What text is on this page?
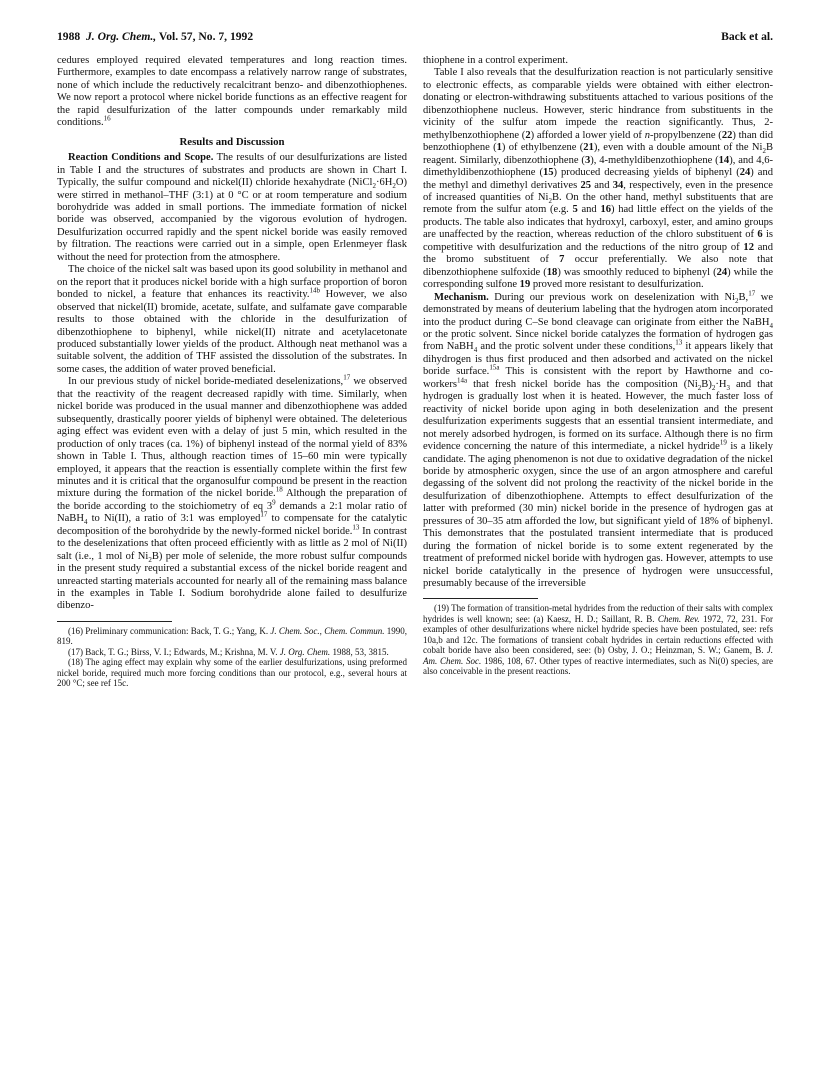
1988 J. Org. Chem., Vol. 57, No. 7, 1992	Back et al.

cedures employed required elevated temperatures and long reaction times. Furthermore, examples to date encompass a relatively narrow range of substrates, none of which include the reductively recalcitrant benzo- and dibenzothiophenes. We now report a protocol where nickel boride functions as an effective reagent for the rapid desulfurization of the latter compounds under remarkably mild conditions.$^{16}$

Results and Discussion

Reaction Conditions and Scope. The results of our desulfurizations are listed in Table I and the structures of substrates and products are shown in Chart I. Typically, the sulfur compound and nickel(II) chloride hexahydrate $(NiCl_2\cdot 6H_2O)$ were stirred in methanol–THF (3:1) at 0 °C or at room temperature and sodium borohydride was added in small portions. The immediate formation of nickel boride was observed, accompanied by the vigorous evolution of hydrogen. Desulfurization occurred rapidly and the spent nickel boride was easily removed by filtration. The reactions were carried out in a simple, open Erlenmeyer flask without the need for protection from the atmosphere.

The choice of the nickel salt was based upon its good solubility in methanol and on the report that it produces nickel boride with a high surface proportion of boron bonded to nickel, a feature that enhances its reactivity.$^{14b}$ However, we also observed that nickel(II) bromide, acetate, sulfate, and sulfamate gave comparable results to those obtained with the chloride in the desulfurization of dibenzothiophene to biphenyl, while nickel(II) nitrate and acetylacetonate produced substantially lower yields of the product. Although neat methanol was a suitable solvent, the addition of THF assisted the dissolution of the substrates. In some cases, the addition of water proved beneficial.

In our previous study of nickel boride-mediated deselenizations,$^{17}$ we observed that the reactivity of the reagent decreased rapidly with time. Similarly, when nickel boride was produced in the usual manner and dibenzothiophene was added subsequently, drastically poorer yields of biphenyl were obtained. The deleterious aging effect was evident even with a delay of just 5 min, which resulted in the production of only traces (ca. 1%) of biphenyl instead of the normal yield of 83% shown in Table I. Thus, although reaction times of 15–60 min were typically employed, it appears that the reaction is essentially complete within the first few minutes and it is critical that the organosulfur compound be present in the reaction mixture during the formation of the nickel boride.$^{18}$ Although the preparation of the boride according to the stoichiometry of eq $3^9$ demands a 2:1 molar ratio of NaBH$_4$ to Ni(II), a ratio of 3:1 was employed$^{17}$ to compensate for the catalytic decomposition of the borohydride by the newly-formed nickel boride.$^{13}$ In contrast to the deselenizations that often proceed efficiently with as little as 2 mol of Ni(II) salt (i.e., 1 mol of $Ni_2B$) per mole of selenide, the more robust sulfur compounds in the present study required a substantial excess of the nickel boride reagent and unreacted starting materials accounted for nearly all of the remaining mass balance in the examples in Table I. Sodium borohydride alone failed to desulfurize dibenzo-

(16) Preliminary communication: Back, T. G.; Yang, K. J. Chem. Soc., Chem. Commun. 1990, 819.

(17) Back, T. G.; Birss, V. I.; Edwards, M.; Krishna, M. V. J. Org. Chem. 1988, 53, 3815.

(18) The aging effect may explain why some of the earlier desulfurizations, using preformed nickel boride, required much more forcing conditions than our protocol, e.g., several hours at 200 °C; see ref 15c.

thiophene in a control experiment.

Table I also reveals that the desulfurization reaction is not particularly sensitive to electronic effects, as comparable yields were obtained with either electron-donating or electron-withdrawing substituents attached to various positions of the dibenzothiophene nucleus. However, steric hindrance from substituents in the vicinity of the sulfur atom impede the reaction significantly. Thus, 2-methylbenzothiophene (2) afforded a lower yield of n-propylbenzene (22) than did benzothiophene (1) of ethylbenzene (21), even with a double amount of the $Ni_2B$ reagent. Similarly, dibenzothiophene (3), 4-methyldibenzothiophene (14), and 4,6-dimethyldibenzothiophene (15) produced decreasing yields of biphenyl (24) and the methyl and dimethyl derivatives 25 and 34, respectively, even in the presence of increased quantities of $Ni_2B$. On the other hand, methyl substituents that are remote from the sulfur atom (e.g. 5 and 16) had little effect on the yields of the products. The table also indicates that hydroxyl, carboxyl, ester, and amino groups are unaffected by the reaction, whereas reduction of the chloro substituent of 6 is competitive with desulfurization and the reductions of the nitro group of 12 and the bromo substituent of 7 occur preferentially. We also note that dibenzothiophene sulfoxide (18) was smoothly reduced to biphenyl (24) while the corresponding sulfone 19 proved more resistant to desulfurization.

Mechanism. During our previous work on deselenization with $Ni_2B,^{17}$ we demonstrated by means of deuterium labeling that the hydrogen atom incorporated into the product during C–Se bond cleavage can originate from either the NaBH$_4$ or the protic solvent. Since nickel boride catalyzes the formation of hydrogen gas from NaBH$_4$ and the protic solvent under these conditions,$^{13}$ it appears likely that dihydrogen is thus first produced and then adsorbed and activated on the nickel boride surface.$^{15a}$ This is consistent with the report by Hawthorne and co-workers$^{14a}$ that fresh nickel boride has the composition $(Ni_2B)_2\cdot H_3$ and that hydrogen is gradually lost when it is heated. However, the much faster loss of reactivity of nickel boride upon aging in both deselenization and the present desulfurization experiments suggests that an essential transient intermediate, and not merely adsorbed hydrogen, is formed on its surface. Although there is no firm evidence concerning the nature of this intermediate, a nickel hydride$^{19}$ is a likely candidate. The aging phenomenon is not due to oxidative degradation of the nickel boride by atmospheric oxygen, since the use of an argon atmosphere and careful degassing of the solvent did not prolong the reactivity of the nickel boride in the desulfurization of dibenzothiophene. Attempts to effect desulfurization of the latter with preformed (30 min) nickel boride in the presence of hydrogen gas at pressures of 30–35 atm afforded the low, but significant yield of 18% of biphenyl. This demonstrates that the postulated transient intermediate that is produced during the formation of nickel boride is to some extent regenerated by the treatment of preformed nickel boride with hydrogen gas. However, attempts to use nickel boride catalytically in the presence of hydrogen were unsuccessful, presumably because of the irreversible

(19) The formation of transition-metal hydrides from the reduction of their salts with complex hydrides is well known; see: (a) Kaesz, H. D.; Saillant, R. B. Chem. Rev. 1972, 72, 231. For examples of other desulfurizations where nickel hydride species have been postulated, see: refs 10a,b and 12c. The formations of transient cobalt hydrides in certain reductions effected with cobalt boride have also been considered, see: (b) Osby, J. O.; Heinzman, S. W.; Ganem, B. J. Am. Chem. Soc. 1986, 108, 67. Other types of reactive intermediates, such as Ni(0) species, are also conceivable in the present reactions.
